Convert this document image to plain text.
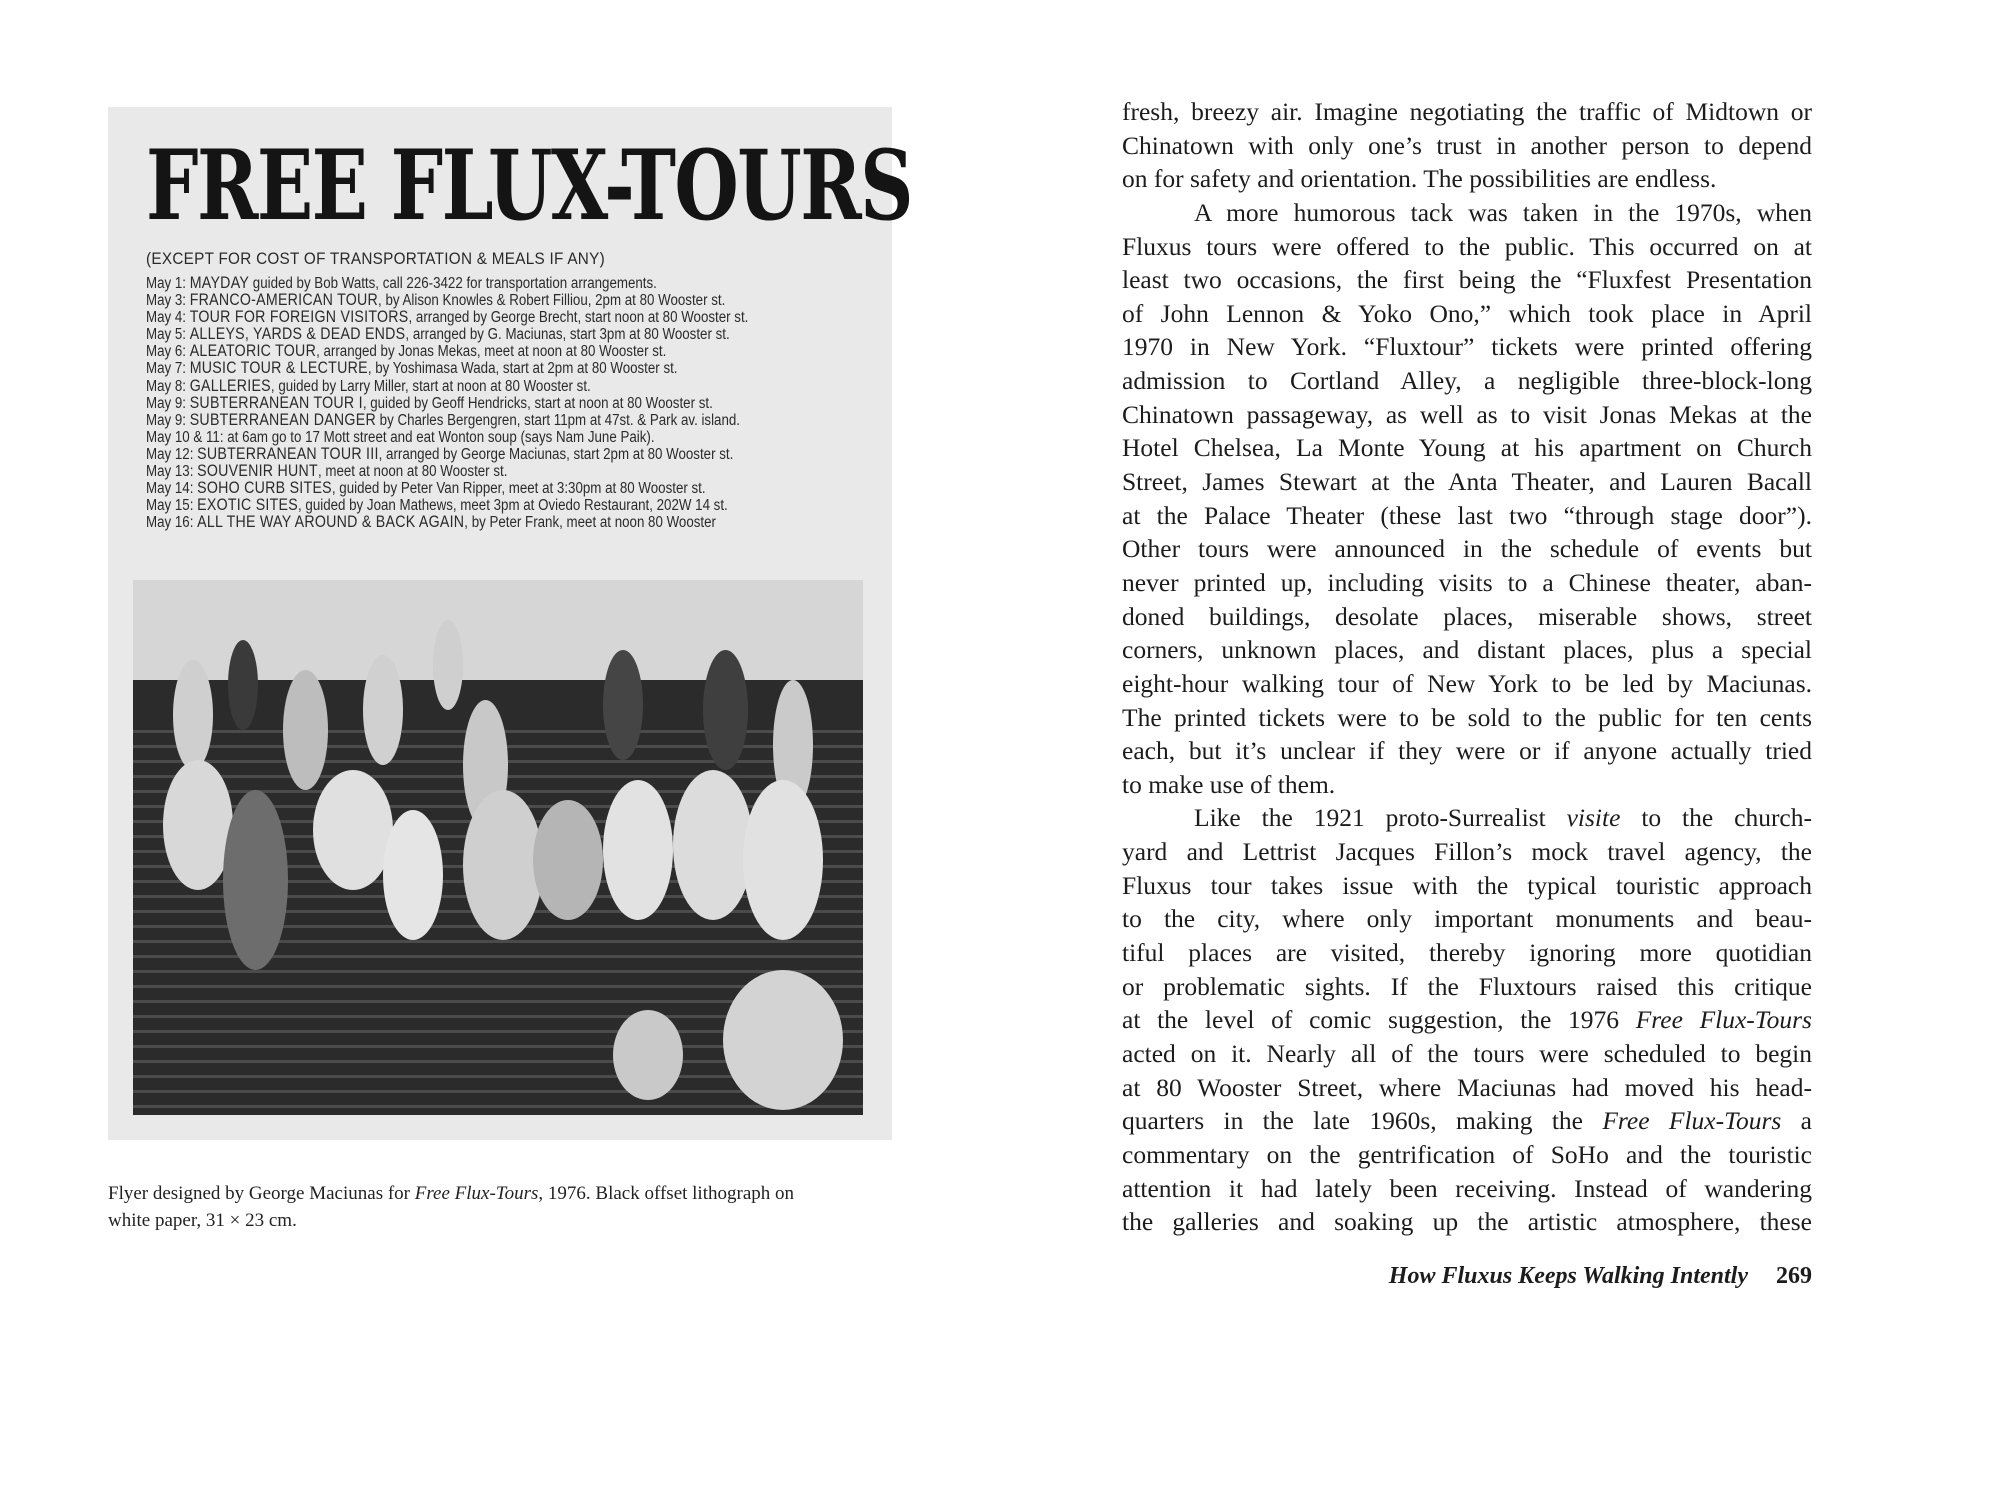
FREE FLUX-TOURS

(EXCEPT FOR COST OF TRANSPORTATION & MEALS IF ANY)

May 1: MAYDAY guided by Bob Watts, call 226-3422 for transportation arrangements.
May 3: FRANCO-AMERICAN TOUR, by Alison Knowles & Robert Filliou, 2pm at 80 Wooster st.
May 4: TOUR FOR FOREIGN VISITORS, arranged by George Brecht, start noon at 80 Wooster st.
May 5: ALLEYS, YARDS & DEAD ENDS, arranged by G. Maciunas, start 3pm at 80 Wooster st.
May 6: ALEATORIC TOUR, arranged by Jonas Mekas, meet at noon at 80 Wooster st.
May 7: MUSIC TOUR & LECTURE, by Yoshimasa Wada, start at 2pm at 80 Wooster st.
May 8: GALLERIES, guided by Larry Miller, start at noon at 80 Wooster st.
May 9: SUBTERRANEAN TOUR I, guided by Geoff Hendricks, start at noon at 80 Wooster st.
May 9: SUBTERRANEAN DANGER by Charles Bergengren, start 11pm at 47st. & Park av. island.
May 10 & 11: at 6am go to 17 Mott street and eat Wonton soup (says Nam June Paik).
May 12: SUBTERRANEAN TOUR III, arranged by George Maciunas, start 2pm at 80 Wooster st.
May 13: SOUVENIR HUNT, meet at noon at 80 Wooster st.
May 14: SOHO CURB SITES, guided by Peter Van Ripper, meet at 3:30pm at 80 Wooster st.
May 15: EXOTIC SITES, guided by Joan Mathews, meet 3pm at Oviedo Restaurant, 202W 14 st.
May 16: ALL THE WAY AROUND & BACK AGAIN, by Peter Frank, meet at noon 80 Wooster

Flyer designed by George Maciunas for Free Flux-Tours, 1976. Black offset lithograph on
white paper, 31 × 23 cm.

fresh, breezy air. Imagine negotiating the traffic of Midtown or
Chinatown with only one’s trust in another person to depend
on for safety and orientation. The possibilities are endless.
A more humorous tack was taken in the 1970s, when
Fluxus tours were offered to the public. This occurred on at
least two occasions, the first being the “Fluxfest Presentation
of John Lennon & Yoko Ono,” which took place in April
1970 in New York. “Fluxtour” tickets were printed offering
admission to Cortland Alley, a negligible three-block-long
Chinatown passageway, as well as to visit Jonas Mekas at the
Hotel Chelsea, La Monte Young at his apartment on Church
Street, James Stewart at the Anta Theater, and Lauren Bacall
at the Palace Theater (these last two “through stage door”).
Other tours were announced in the schedule of events but
never printed up, including visits to a Chinese theater, aban-
doned buildings, desolate places, miserable shows, street
corners, unknown places, and distant places, plus a special
eight-hour walking tour of New York to be led by Maciunas.
The printed tickets were to be sold to the public for ten cents
each, but it’s unclear if they were or if anyone actually tried
to make use of them.
Like the 1921 proto-Surrealist visite to the church-
yard and Lettrist Jacques Fillon’s mock travel agency, the
Fluxus tour takes issue with the typical touristic approach
to the city, where only important monuments and beau-
tiful places are visited, thereby ignoring more quotidian
or problematic sights. If the Fluxtours raised this critique
at the level of comic suggestion, the 1976 Free Flux-Tours
acted on it. Nearly all of the tours were scheduled to begin
at 80 Wooster Street, where Maciunas had moved his head-
quarters in the late 1960s, making the Free Flux-Tours a
commentary on the gentrification of SoHo and the touristic
attention it had lately been receiving. Instead of wandering
the galleries and soaking up the artistic atmosphere, these
How Fluxus Keeps Walking Intently 269
